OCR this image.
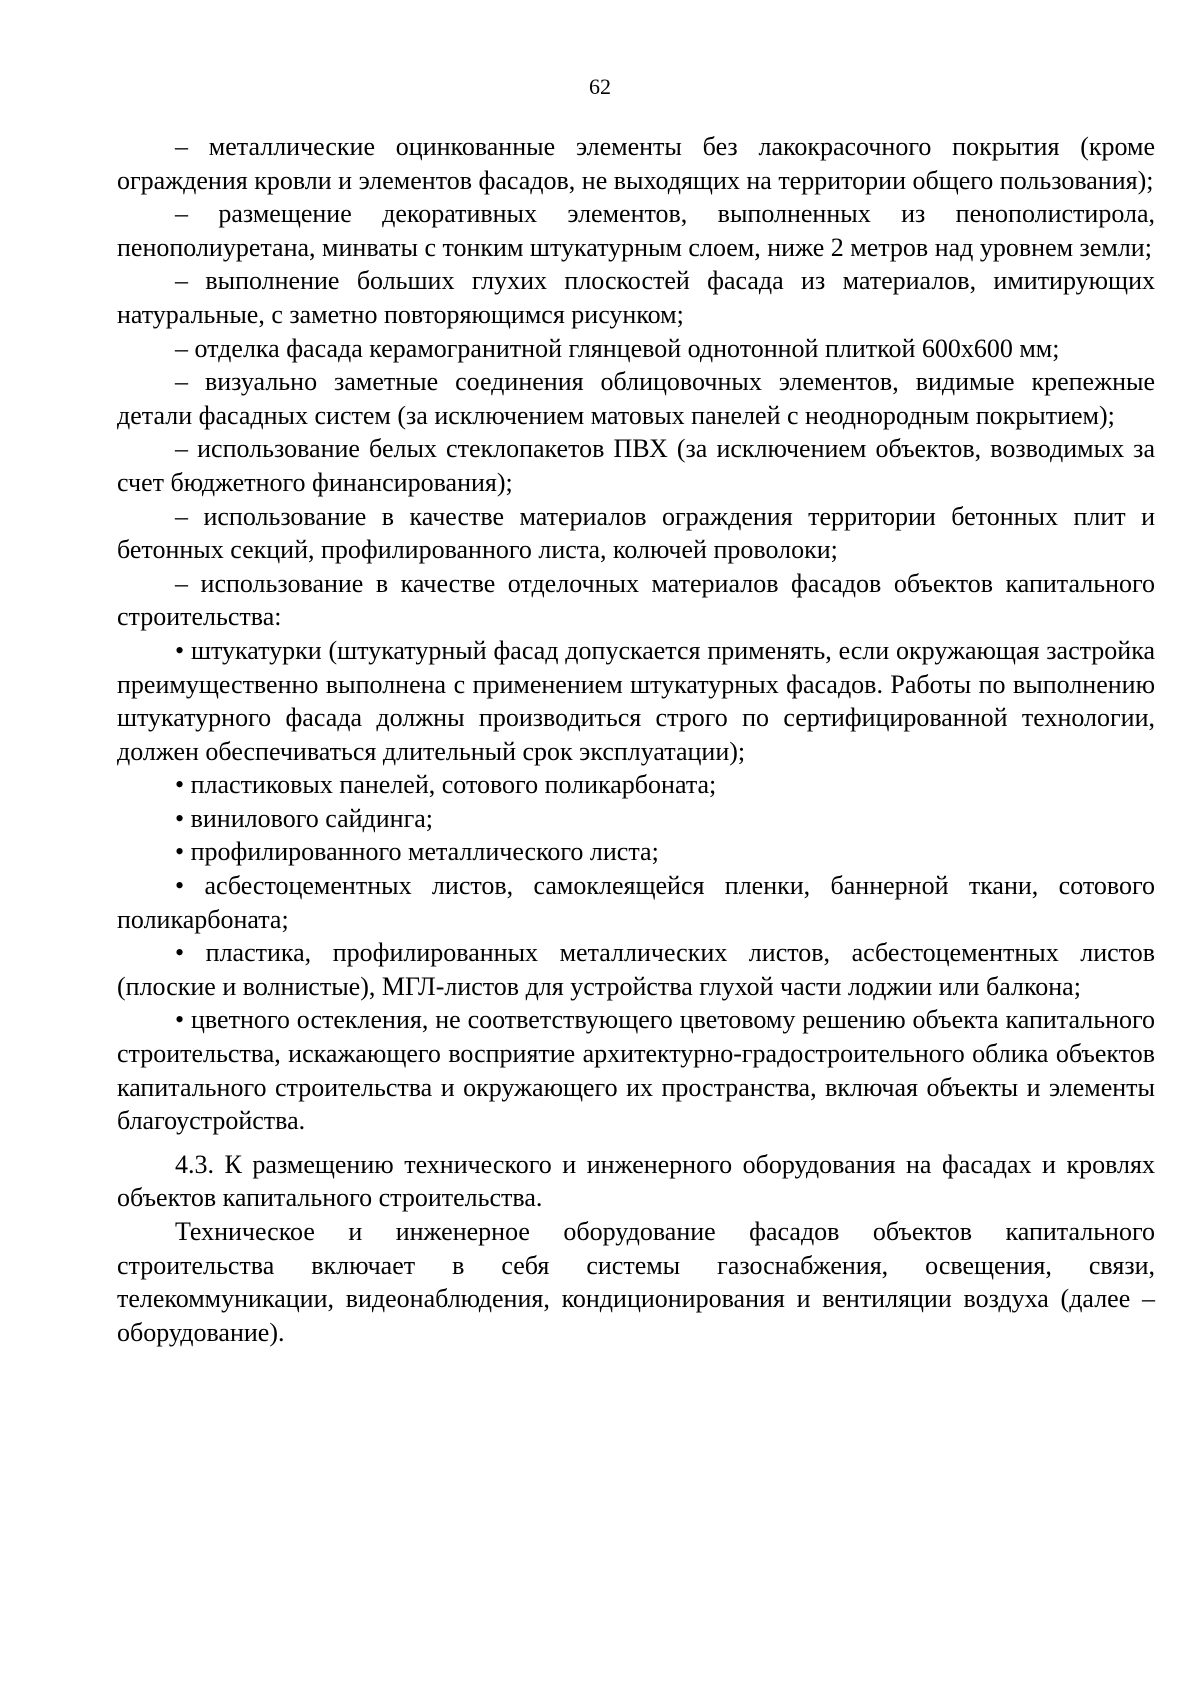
62

– металлические оцинкованные элементы без лакокрасочного покрытия (кроме ограждения кровли и элементов фасадов, не выходящих на территории общего пользования);

– размещение декоративных элементов, выполненных из пенополистирола, пенополиуретана, минваты с тонким штукатурным слоем, ниже 2 метров над уровнем земли;

– выполнение больших глухих плоскостей фасада из материалов, имитирующих натуральные, с заметно повторяющимся рисунком;

– отделка фасада керамогранитной глянцевой однотонной плиткой 600х600 мм;

– визуально заметные соединения облицовочных элементов, видимые крепежные детали фасадных систем (за исключением матовых панелей с неоднородным покрытием);

– использование белых стеклопакетов ПВХ (за исключением объектов, возводимых за счет бюджетного финансирования);

– использование в качестве материалов ограждения территории бетонных плит и бетонных секций, профилированного листа, колючей проволоки;

– использование в качестве отделочных материалов фасадов объектов капитального строительства:

• штукатурки (штукатурный фасад допускается применять, если окружающая застройка преимущественно выполнена с применением штукатурных фасадов. Работы по выполнению штукатурного фасада должны производиться строго по сертифицированной технологии, должен обеспечиваться длительный срок эксплуатации);

• пластиковых панелей, сотового поликарбоната;

• винилового сайдинга;

• профилированного металлического листа;

• асбестоцементных листов, самоклеящейся пленки, баннерной ткани, сотового поликарбоната;

• пластика, профилированных металлических листов, асбестоцементных листов (плоские и волнистые), МГЛ-листов для устройства глухой части лоджии или балкона;

• цветного остекления, не соответствующего цветовому решению объекта капитального строительства, искажающего восприятие архитектурно-градостроительного облика объектов капитального строительства и окружающего их пространства, включая объекты и элементы благоустройства.

4.3. К размещению технического и инженерного оборудования на фасадах и кровлях объектов капитального строительства.

Техническое и инженерное оборудование фасадов объектов капитального строительства включает в себя системы газоснабжения, освещения, связи, телекоммуникации, видеонаблюдения, кондиционирования и вентиляции воздуха (далее – оборудование).
